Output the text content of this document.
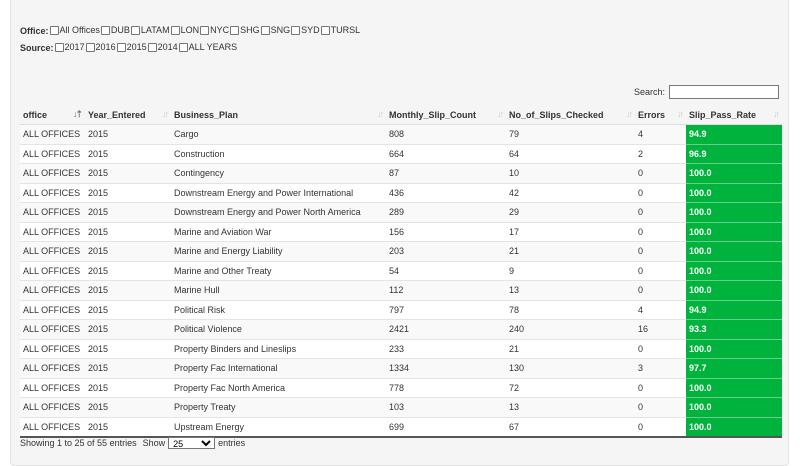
Office: All Offices DUB LATAM LON NYC SHG SNG SYD TURSL
Source: 2017 2016 2015 2014 ALL YEARS
Search:
office ↓⇡	Year_Entered ↓↑	Business_Plan ↓↑	Monthly_Slip_Count ↓↑	No_of_Slips_Checked ↓↑	Errors ↓↑	Slip_Pass_Rate ↓↑

ALL OFFICES	2015	Cargo	808	79	4	94.9
ALL OFFICES	2015	Construction	664	64	2	96.9
ALL OFFICES	2015	Contingency	87	10	0	100.0
ALL OFFICES	2015	Downstream Energy and Power International	436	42	0	100.0
ALL OFFICES	2015	Downstream Energy and Power North America	289	29	0	100.0
ALL OFFICES	2015	Marine and Aviation War	156	17	0	100.0
ALL OFFICES	2015	Marine and Energy Liability	203	21	0	100.0
ALL OFFICES	2015	Marine and Other Treaty	54	9	0	100.0
ALL OFFICES	2015	Marine Hull	112	13	0	100.0
ALL OFFICES	2015	Political Risk	797	78	4	94.9
ALL OFFICES	2015	Political Violence	2421	240	16	93.3
ALL OFFICES	2015	Property Binders and Lineslips	233	21	0	100.0
ALL OFFICES	2015	Property Fac International	1334	130	3	97.7
ALL OFFICES	2015	Property Fac North America	778	72	0	100.0
ALL OFFICES	2015	Property Treaty	103	13	0	100.0
ALL OFFICES	2015	Upstream Energy	699	67	0	100.0
Showing 1 to 25 of 55 entries Show
25	entries
